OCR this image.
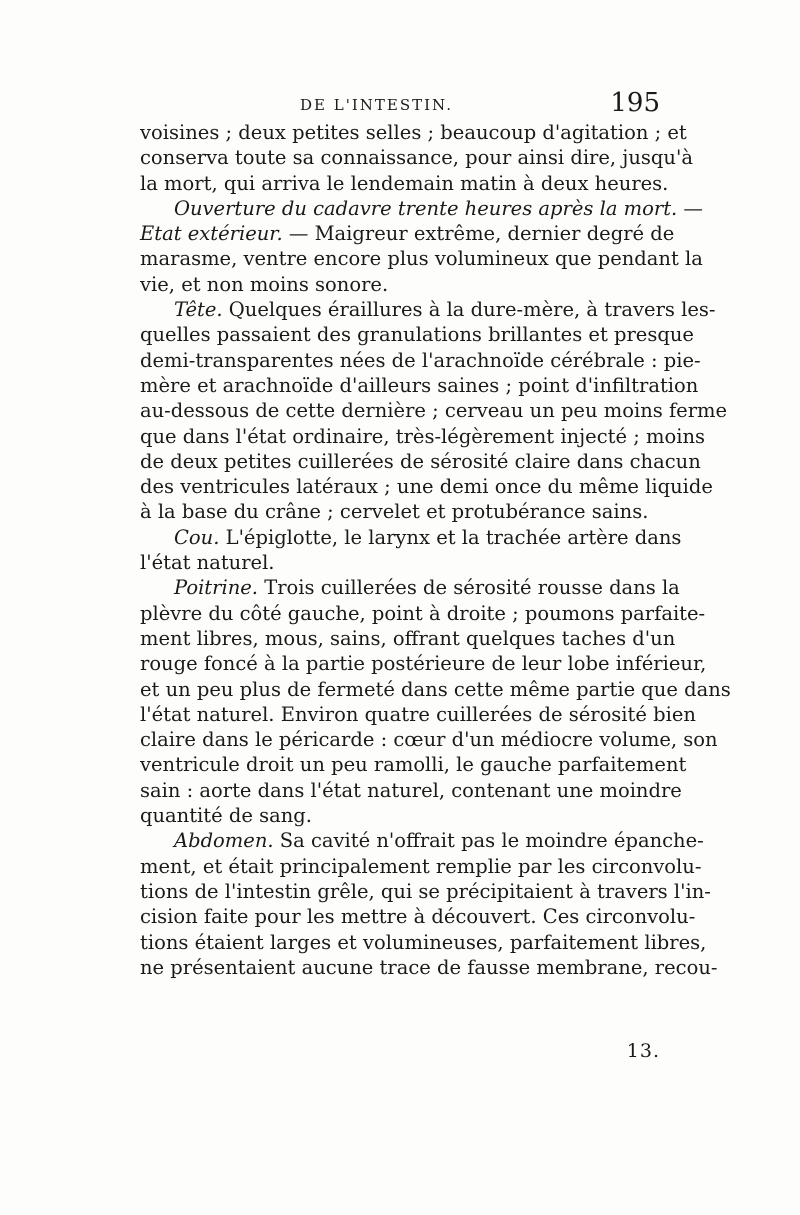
DE L'INTESTIN.	195
voisines ; deux petites selles ; beaucoup d'agitation ; et
conserva toute sa connaissance, pour ainsi dire, jusqu'à
la mort, qui arriva le lendemain matin à deux heures.
Ouverture du cadavre trente heures après la mort. —
Etat extérieur. — Maigreur extrême, dernier degré de
marasme, ventre encore plus volumineux que pendant la
vie, et non moins sonore.
Tête. Quelques éraillures à la dure-mère, à travers les-
quelles passaient des granulations brillantes et presque
demi-transparentes nées de l'arachnoïde cérébrale : pie-
mère et arachnoïde d'ailleurs saines ; point d'infiltration
au-dessous de cette dernière ; cerveau un peu moins ferme
que dans l'état ordinaire, très-légèrement injecté ; moins
de deux petites cuillerées de sérosité claire dans chacun
des ventricules latéraux ; une demi once du même liquide
à la base du crâne ; cervelet et protubérance sains.
Cou. L'épiglotte, le larynx et la trachée artère dans
l'état naturel.
Poitrine. Trois cuillerées de sérosité rousse dans la
plèvre du côté gauche, point à droite ; poumons parfaite-
ment libres, mous, sains, offrant quelques taches d'un
rouge foncé à la partie postérieure de leur lobe inférieur,
et un peu plus de fermeté dans cette même partie que dans
l'état naturel. Environ quatre cuillerées de sérosité bien
claire dans le péricarde : cœur d'un médiocre volume, son
ventricule droit un peu ramolli, le gauche parfaitement
sain : aorte dans l'état naturel, contenant une moindre
quantité de sang.
Abdomen. Sa cavité n'offrait pas le moindre épanche-
ment, et était principalement remplie par les circonvolu-
tions de l'intestin grêle, qui se précipitaient à travers l'in-
cision faite pour les mettre à découvert. Ces circonvolu-
tions étaient larges et volumineuses, parfaitement libres,
ne présentaient aucune trace de fausse membrane, recou-
13.
